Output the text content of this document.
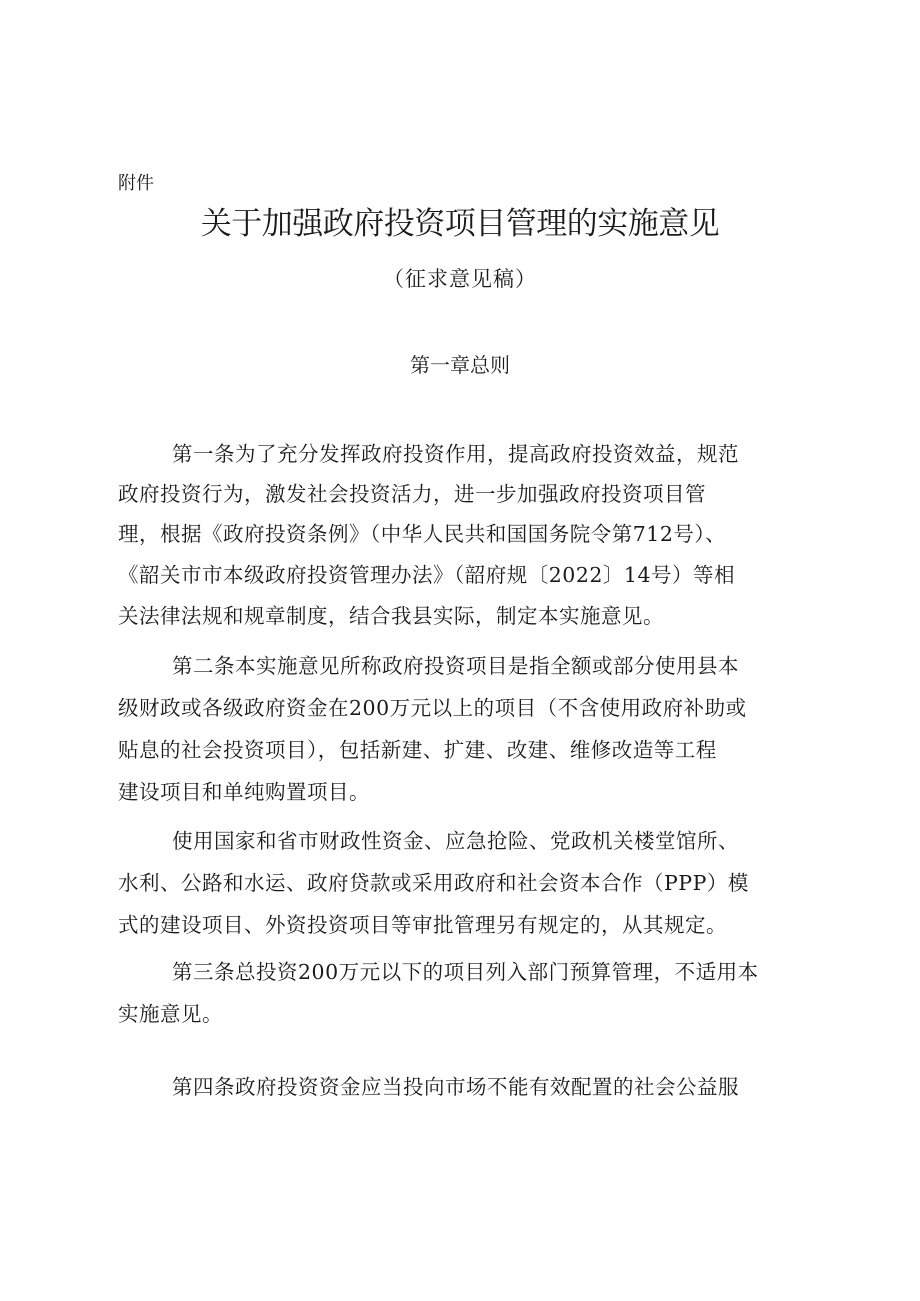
附件
关于加强政府投资项目管理的实施意见
（征求意见稿）
第一章总则
第一条为了充分发挥政府投资作用，提高政府投资效益，规范
政府投资行为，激发社会投资活力，进一步加强政府投资项目管
理，根据《政府投资条例》（中华人民共和国国务院令第712号）、
《韶关市市本级政府投资管理办法》（韶府规〔2022〕14号）等相
关法律法规和规章制度，结合我县实际，制定本实施意见。
第二条本实施意见所称政府投资项目是指全额或部分使用县本
级财政或各级政府资金在200万元以上的项目（不含使用政府补助或
贴息的社会投资项目），包括新建、扩建、改建、维修改造等工程
建设项目和单纯购置项目。
使用国家和省市财政性资金、应急抢险、党政机关楼堂馆所、
水利、公路和水运、政府贷款或采用政府和社会资本合作（PPP）模
式的建设项目、外资投资项目等审批管理另有规定的，从其规定。
第三条总投资200万元以下的项目列入部门预算管理，不适用本
实施意见。
第四条政府投资资金应当投向市场不能有效配置的社会公益服
